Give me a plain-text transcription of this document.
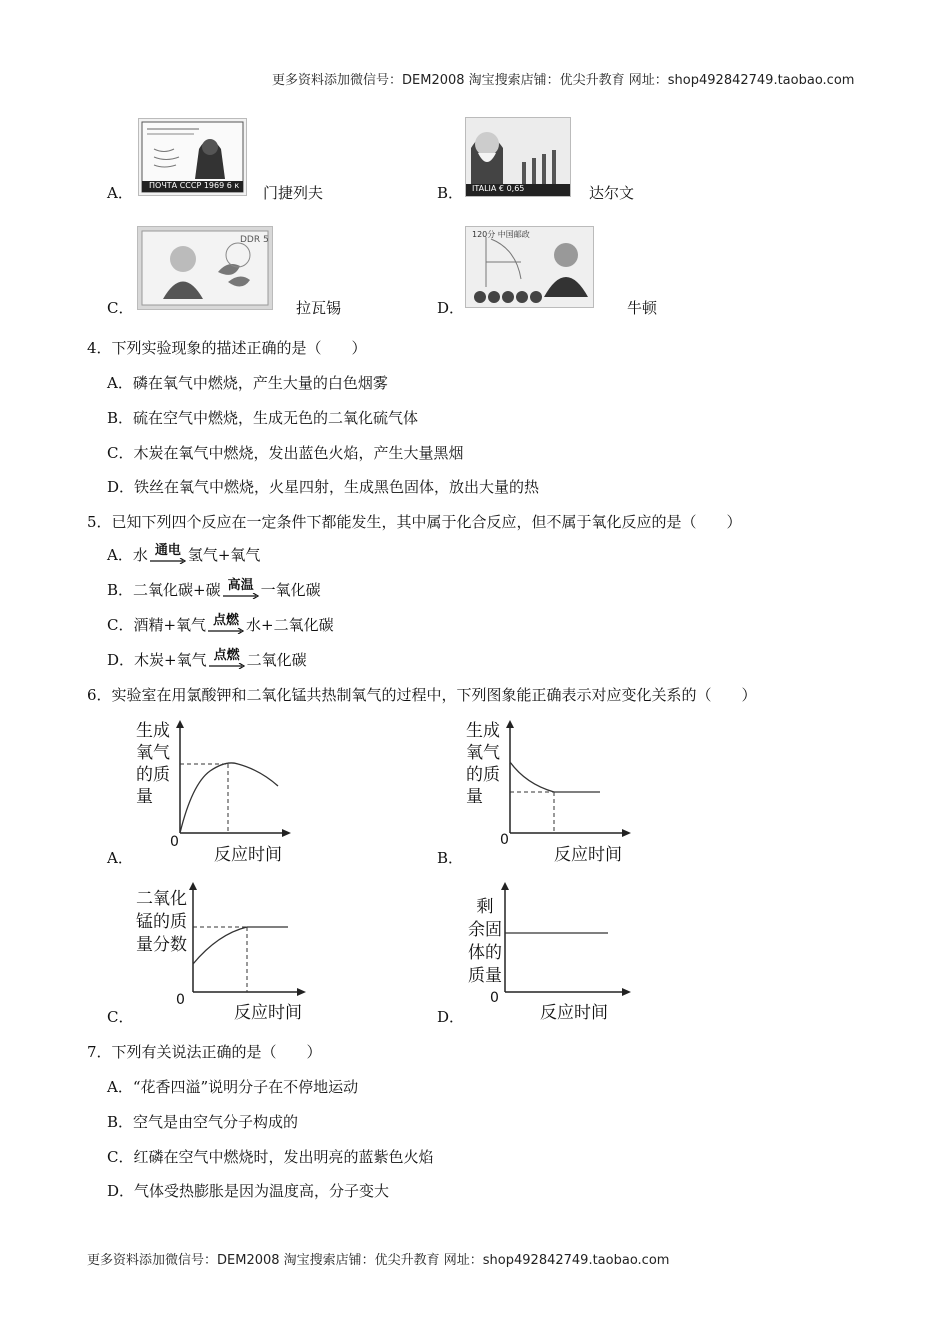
更多资料添加微信号：DEM2008 淘宝搜索店铺：优尖升教育 网址：shop492842749.taobao.com
ПОЧТА СССР 1969 6 к
A．	门捷列夫	ITALIA € 0,65
B．	达尔文
DDR 5
C．	拉瓦锡
120分 中国邮政
D．	牛顿
4．下列实验现象的描述正确的是（　　）
A．磷在氧气中燃烧，产生大量的白色烟雾
B．硫在空气中燃烧，生成无色的二氧化硫气体
C．木炭在氧气中燃烧，发出蓝色火焰，产生大量黑烟
D．铁丝在氧气中燃烧，火星四射，生成黑色固体，放出大量的热
5．已知下列四个反应在一定条件下都能发生，其中属于化合反应，但不属于氧化反应的是（　　）
A．水 通电 氢气+氧气
B．二氧化碳+碳 高温 一氧化碳
C．酒精+氧气 点燃 水+二氧化碳
D．木炭+氧气 点燃 二氧化碳
6．实验室在用氯酸钾和二氧化锰共热制氧气的过程中，下列图象能正确表示对应变化关系的（　　）
A．
生成
氧气
的质
量
0
反应时间	B．
生成
氧气
的质
量
0
反应时间
C．
二氧化
锰的质
量分数
0
反应时间	D．
剩
余固
体的
质量
0
反应时间
7．下列有关说法正确的是（　　）
A．“花香四溢”说明分子在不停地运动
B．空气是由空气分子构成的
C．红磷在空气中燃烧时，发出明亮的蓝紫色火焰
D．气体受热膨胀是因为温度高，分子变大
更多资料添加微信号：DEM2008 淘宝搜索店铺：优尖升教育 网址：shop492842749.taobao.com
